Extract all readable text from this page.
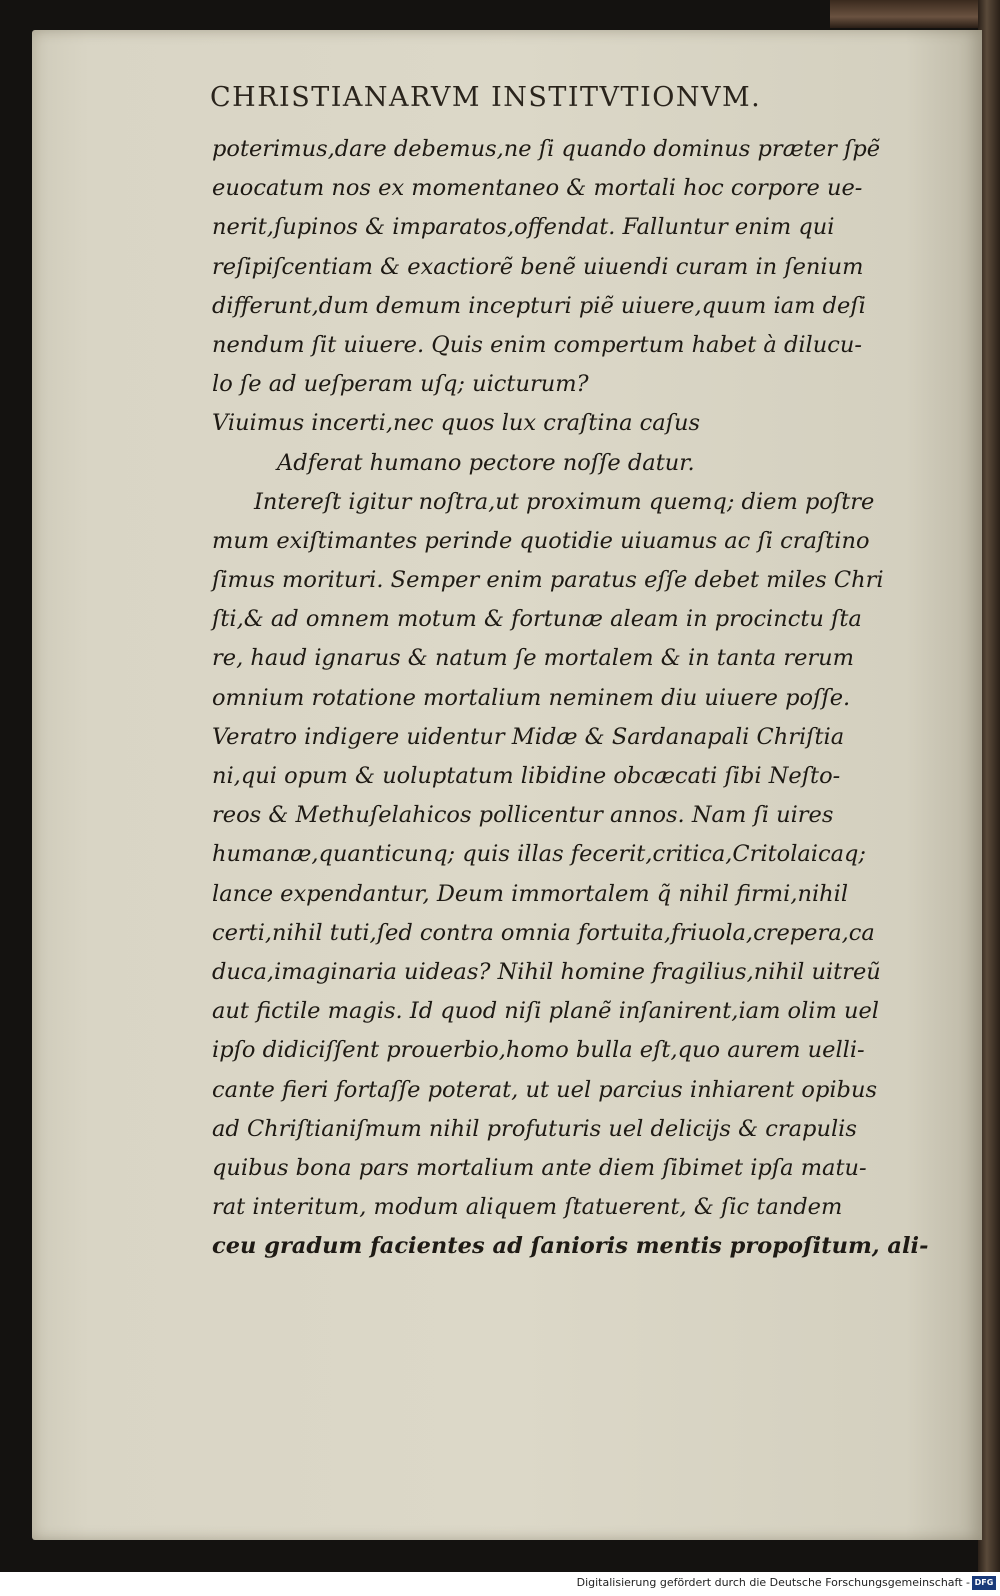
CHRISTIANARVM INSTITVTIONVM.
poterimus,dare debemus,ne ſi quando dominus præter ſpẽ
euocatum nos ex momentaneo & mortali hoc corpore ue-
nerit,ſupinos & imparatos,offendat. Falluntur enim qui
reſipiſcentiam & exactiorẽ benẽ uiuendi curam in ſenium
differunt,dum demum incepturi piẽ uiuere,quum iam deſi
nendum ſit uiuere. Quis enim compertum habet à dilucu-
lo ſe ad ueſperam uſq; uicturum?
Viuimus incerti,nec quos lux craſtina caſus
Adferat humano pectore noſſe datur.
Intereſt igitur noſtra,ut proximum quemq; diem poſtre
mum exiſtimantes perinde quotidie uiuamus ac ſi craſtino
ſimus morituri. Semper enim paratus eſſe debet miles Chri
ſti,& ad omnem motum & fortunæ aleam in procinctu ſta
re, haud ignarus & natum ſe mortalem & in tanta rerum
omnium rotatione mortalium neminem diu uiuere poſſe.
Veratro indigere uidentur Midæ & Sardanapali Chriſtia
ni,qui opum & uoluptatum libidine obcæcati ſibi Neſto-
reos & Methuſelahicos pollicentur annos. Nam ſi uires
humanæ,quanticunq; quis illas fecerit,critica,Critolaicaq;
lance expendantur, Deum immortalem q̃ nihil firmi,nihil
certi,nihil tuti,ſed contra omnia fortuita,friuola,crepera,ca
duca,imaginaria uideas? Nihil homine fragilius,nihil uitreũ
aut fictile magis. Id quod niſi planẽ inſanirent,iam olim uel
ipſo didiciſſent prouerbio,homo bulla eſt,quo aurem uelli-
cante fieri fortaſſe poterat, ut uel parcius inhiarent opibus
ad Chriſtianiſmum nihil profuturis uel delicijs & crapulis
quibus bona pars mortalium ante diem ſibimet ipſa matu-
rat interitum, modum aliquem ſtatuerent, & ſic tandem
ceu gradum facientes ad ſanioris mentis propoſitum, ali-
Digitalisierung gefördert durch die Deutsche Forschungsgemeinschaft - DFG
